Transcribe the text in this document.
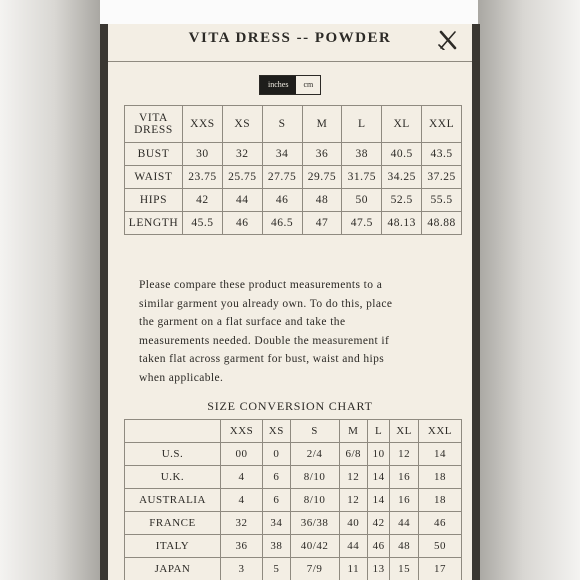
VITA DRESS -- POWDER
inches	cm
VITA
DRESS	XXS	XS	S	M	L	XL	XXL
BUST	30	32	34	36	38	40.5	43.5
WAIST	23.75	25.75	27.75	29.75	31.75	34.25	37.25
HIPS	42	44	46	48	50	52.5	55.5
LENGTH	45.5	46	46.5	47	47.5	48.13	48.88
Please compare these product measurements to a
similar garment you already own. To do this, place
the garment on a flat surface and take the
measurements needed. Double the measurement if
taken flat across garment for bust, waist and hips
when applicable.
SIZE CONVERSION CHART
	XXS	XS	S	M	L	XL	XXL
U.S.	00	0	2/4	6/8	10	12	14
U.K.	4	6	8/10	12	14	16	18
AUSTRALIA	4	6	8/10	12	14	16	18
FRANCE	32	34	36/38	40	42	44	46
ITALY	36	38	40/42	44	46	48	50
JAPAN	3	5	7/9	11	13	15	17
